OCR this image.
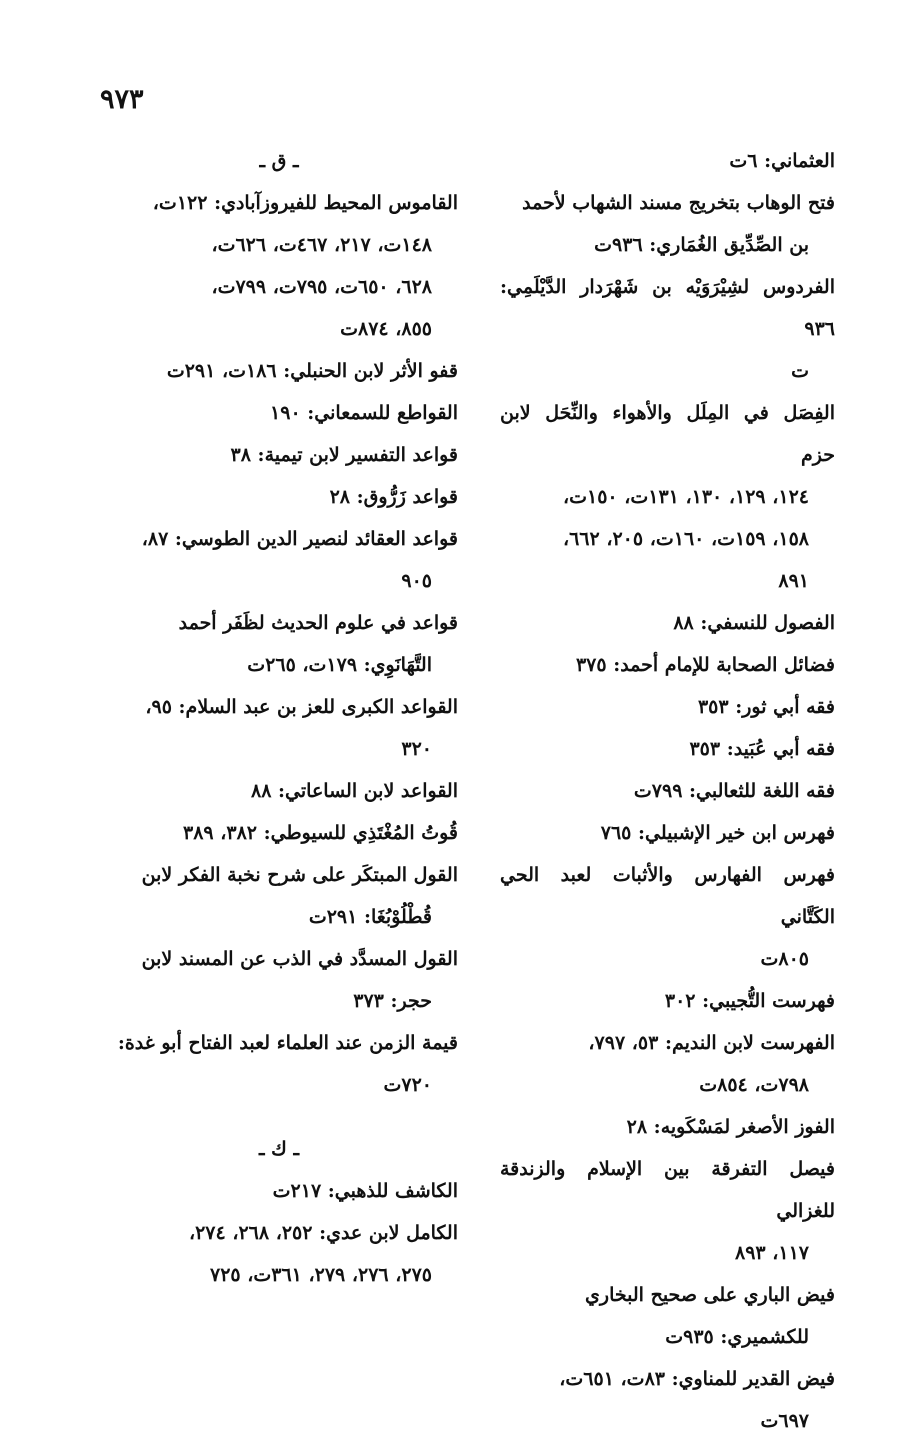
٩٧٣

العثماني: ٦ت

فتح الوهاب بتخريج مسند الشهاب لأحمد
بن الصِّدِّيق الغُمَاري: ٩٣٦ت

الفردوس لشِيْرَوَيْه بن شَهْرَدار الدَّيْلَمِي: ٩٣٦
ت

الفِصَل في المِلَل والأهواء والنِّحَل لابن حزم
١٢٤، ١٢٩، ١٣٠، ١٣١ت، ١٥٠ت،
١٥٨، ١٥٩ت، ١٦٠ت، ٢٠٥، ٦٦٢،
٨٩١

الفصول للنسفي: ٨٨

فضائل الصحابة للإمام أحمد: ٣٧٥

فقه أبي ثور: ٣٥٣

فقه أبي عُبَيد: ٣٥٣

فقه اللغة للثعالبي: ٧٩٩ت

فهرس ابن خير الإشبيلي: ٧٦٥

فهرس الفهارس والأثبات لعبد الحي الكَتَّاني
٨٠٥ت

فهرست التُّجيبي: ٣٠٢

الفهرست لابن النديم: ٥٣، ٧٩٧،
٧٩٨ت، ٨٥٤ت

الفوز الأصغر لمَسْكَويه: ٢٨

فيصل التفرقة بين الإسلام والزندقة للغزالي
١١٧، ٨٩٣

فيض الباري على صحيح البخاري
للكشميري: ٩٣٥ت

فيض القدير للمناوي: ٨٣ت، ٦٥١ت،
٦٩٧ت

ـ ق ـ

القاموس المحيط للفيروزآبادي: ١٢٢ت،
١٤٨ت، ٢١٧، ٤٦٧ت، ٦٢٦ت،
٦٢٨، ٦٥٠ت، ٧٩٥ت، ٧٩٩ت،
٨٥٥، ٨٧٤ت

قفو الأثر لابن الحنبلي: ١٨٦ت، ٢٩١ت

القواطع للسمعاني: ١٩٠

قواعد التفسير لابن تيمية: ٣٨

قواعد زَرُّوق: ٢٨

قواعد العقائد لنصير الدين الطوسي: ٨٧،
٩٠٥

قواعد في علوم الحديث لظَفَر أحمد
التَّهَانَوِي: ١٧٩ت، ٢٦٥ت

القواعد الكبرى للعز بن عبد السلام: ٩٥،
٣٢٠

القواعد لابن الساعاتي: ٨٨

قُوتُ المُغْتَذِي للسيوطي: ٣٨٢، ٣٨٩

القول المبتكَر على شرح نخبة الفكر لابن
قُطْلُوْبُغَا: ٢٩١ت

القول المسدَّد في الذب عن المسند لابن
حجر: ٣٧٣

قيمة الزمن عند العلماء لعبد الفتاح أبو غدة:
٧٢٠ت

ـ ك ـ

الكاشف للذهبي: ٢١٧ت

الكامل لابن عدي: ٢٥٢، ٢٦٨، ٢٧٤،
٢٧٥، ٢٧٦، ٢٧٩، ٣٦١ت، ٧٢٥
